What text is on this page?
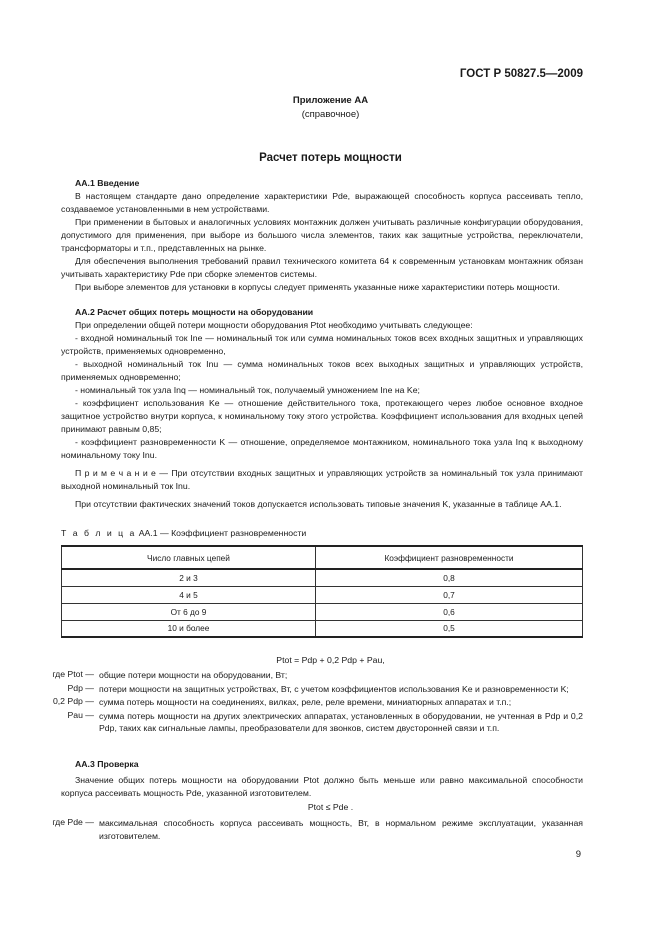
ГОСТ Р 50827.5—2009
Приложение АА
(справочное)
Расчет потерь мощности
АА.1 Введение
В настоящем стандарте дано определение характеристики Pde, выражающей способность корпуса рассеивать тепло, создаваемое установленными в нем устройствами.
При применении в бытовых и аналогичных условиях монтажник должен учитывать различные конфигурации оборудования, допустимого для применения, при выборе из большого числа элементов, таких как защитные устройства, переключатели, трансформаторы и т.п., представленных на рынке.
Для обеспечения выполнения требований правил технического комитета 64 к современным установкам монтажник обязан учитывать характеристику Pde при сборке элементов системы.
При выборе элементов для установки в корпусы следует применять указанные ниже характеристики потерь мощности.
АА.2 Расчет общих потерь мощности на оборудовании
При определении общей потери мощности оборудования Ptot необходимо учитывать следующее:
- входной номинальный ток Ine — номинальный ток или сумма номинальных токов всех входных защитных и управляющих устройств, применяемых одновременно,
- выходной номинальный ток Inu — сумма номинальных токов всех выходных защитных и управляющих устройств, применяемых одновременно;
- номинальный ток узла Inq — номинальный ток, получаемый умножением Ine на Ke;
- коэффициент использования Ke — отношение действительного тока, протекающего через любое основное входное защитное устройство внутри корпуса, к номинальному току этого устройства. Коэффициент использования для входных цепей принимают равным 0,85;
- коэффициент разновременности K — отношение, определяемое монтажником, номинального тока узла Inq к выходному номинальному току Inu.
П р и м е ч а н и е — При отсутствии входных защитных и управляющих устройств за номинальный ток узла принимают выходной номинальный ток Inu.
При отсутствии фактических значений токов допускается использовать типовые значения K, указанные в таблице АА.1.
Т а б л и ц а АА.1 — Коэффициент разновременности
Число главных цепей	Коэффициент разновременности
2 и 3	0,8
4 и 5	0,7
От 6 до 9	0,6
10 и более	0,5
Ptot = Pdp + 0,2 Pdp + Pau,
где Ptot — общие потери мощности на оборудовании, Вт;
Pdp — потери мощности на защитных устройствах, Вт, с учетом коэффициентов использования Ke и разновременности K;
0,2 Pdp — сумма потерь мощности на соединениях, вилках, реле, реле времени, миниатюрных аппаратах и т.п.;
Pau — сумма потерь мощности на других электрических аппаратах, установленных в оборудовании, не учтенная в Pdp и 0,2 Pdp, таких как сигнальные лампы, преобразователи для звонков, систем двусторонней связи и т.п.
АА.3 Проверка
Значение общих потерь мощности на оборудовании Ptot должно быть меньше или равно максимальной способности корпуса рассеивать мощность Pde, указанной изготовителем.
Ptot ≤ Pde .
где Pde — максимальная способность корпуса рассеивать мощность, Вт, в нормальном режиме эксплуатации, указанная изготовителем.
9
